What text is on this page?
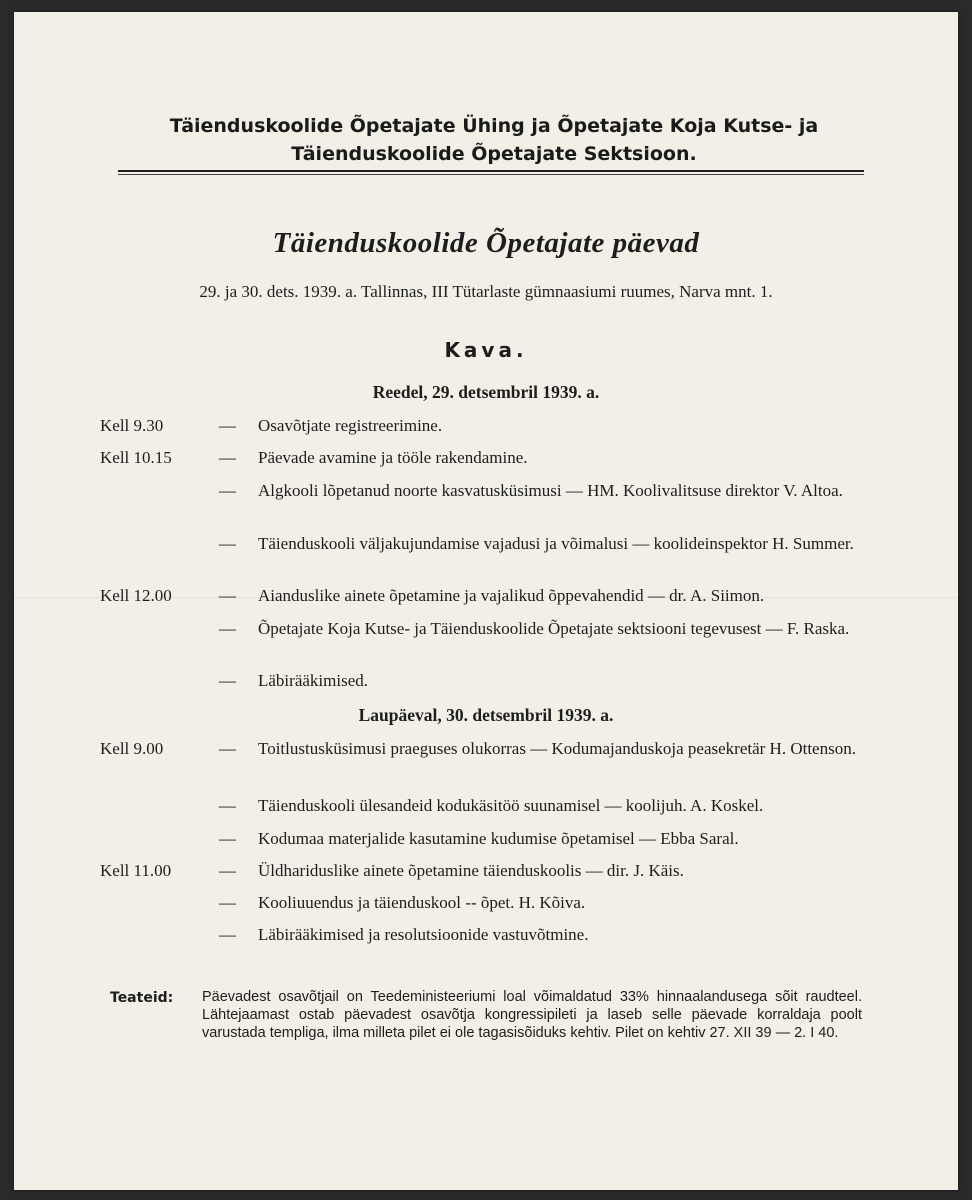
Täienduskoolide Õpetajate Ühing ja Õpetajate Koja Kutse- ja
Täienduskoolide Õpetajate Sektsioon.
Täienduskoolide Õpetajate päevad
29. ja 30. dets. 1939. a. Tallinnas, III Tütarlaste gümnaasiumi ruumes, Narva mnt. 1.
Kava.
Reedel, 29. detsembril 1939. a.
Kell 9.30	— Osavõtjate registreerimine.
Kell 10.15	— Päevade avamine ja tööle rakendamine.
— Algkooli lõpetanud noorte kasvatusküsimusi — HM. Koolivalitsuse direktor V. Altoa.
— Täienduskooli väljakujundamise vajadusi ja võimalusi — koolideinspektor H. Summer.
Kell 12.00	— Aianduslike ainete õpetamine ja vajalikud õppevahendid — dr. A. Siimon.
— Õpetajate Koja Kutse- ja Täienduskoolide Õpetajate sektsiooni tegevusest — F. Raska.
— Läbirääkimised.
Laupäeval, 30. detsembril 1939. a.
Kell 9.00	— Toitlustusküsimusi praeguses olukorras — Kodumajanduskoja peasekretär H. Ottenson.
— Täienduskooli ülesandeid kodukäsitöö suunamisel — koolijuh. A. Koskel.
— Kodumaa materjalide kasutamine kudumise õpetamisel — Ebba Saral.
Kell 11.00	— Üldhariduslike ainete õpetamine täienduskoolis — dir. J. Käis.
— Kooliuuendus ja täienduskool -- õpet. H. Kõiva.
— Läbirääkimised ja resolutsioonide vastuvõtmine.
Teateid: Päevadest osavõtjail on Teedeministeeriumi loal võimaldatud 33% hinnaalandusega sõit raudteel. Lähtejaamast ostab päevadest osavõtja kongressipileti ja laseb selle päevade korraldaja poolt varustada templiga, ilma milleta pilet ei ole tagasisõiduks kehtiv. Pilet on kehtiv 27. XII 39 — 2. I 40.
